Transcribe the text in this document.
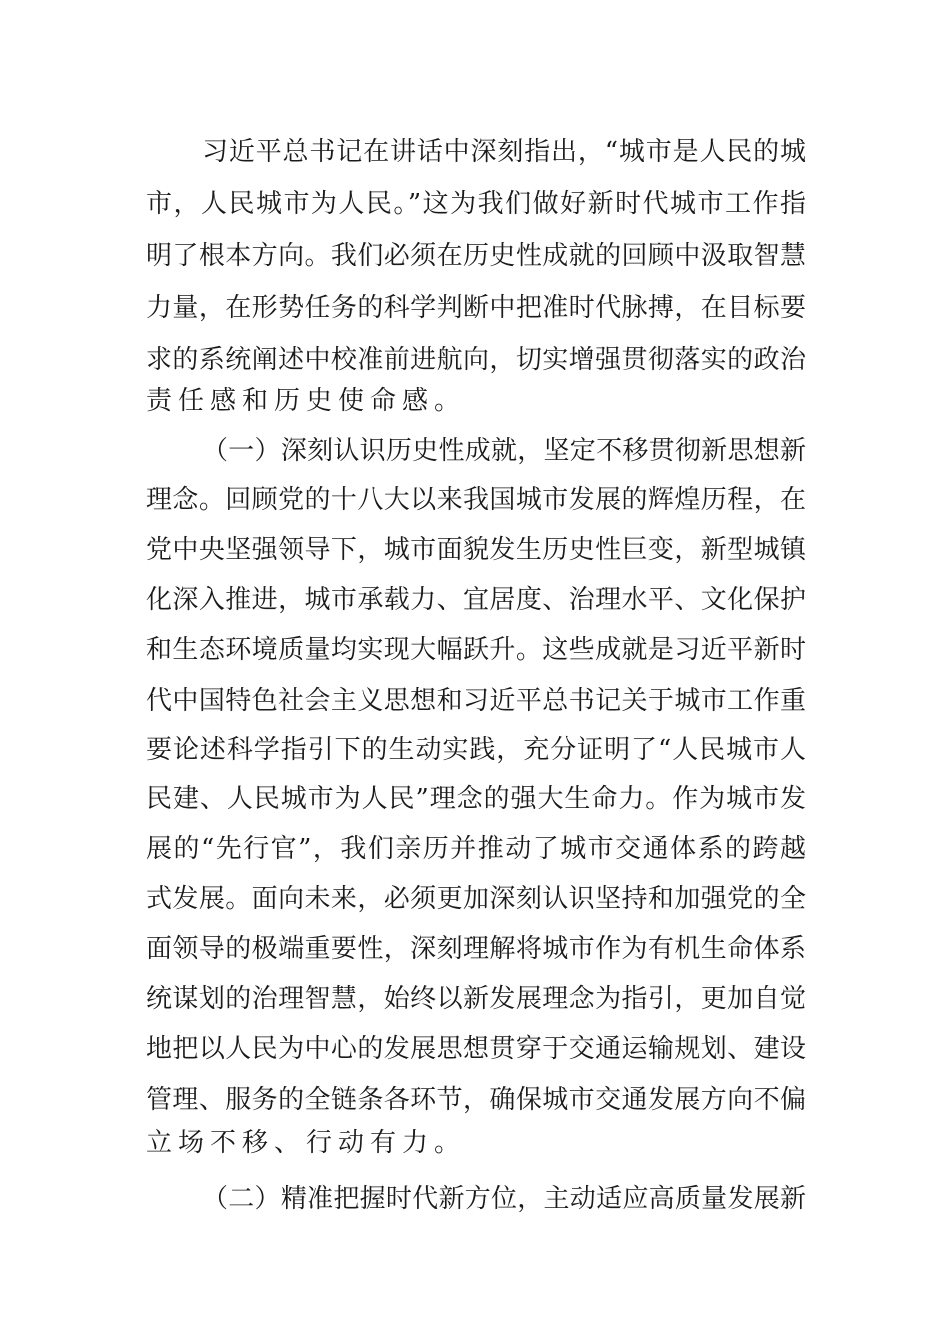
习近平总书记在讲话中深刻指出，“城市是人民的城
市，人民城市为人民。”这为我们做好新时代城市工作指
明了根本方向。我们必须在历史性成就的回顾中汲取智慧
力量，在形势任务的科学判断中把准时代脉搏，在目标要
求的系统阐述中校准前进航向，切实增强贯彻落实的政治
责任感和历史使命感。
（一）深刻认识历史性成就，坚定不移贯彻新思想新
理念。回顾党的十八大以来我国城市发展的辉煌历程，在
党中央坚强领导下，城市面貌发生历史性巨变，新型城镇
化深入推进，城市承载力、宜居度、治理水平、文化保护
和生态环境质量均实现大幅跃升。这些成就是习近平新时
代中国特色社会主义思想和习近平总书记关于城市工作重
要论述科学指引下的生动实践，充分证明了“人民城市人
民建、人民城市为人民”理念的强大生命力。作为城市发
展的“先行官”，我们亲历并推动了城市交通体系的跨越
式发展。面向未来，必须更加深刻认识坚持和加强党的全
面领导的极端重要性，深刻理解将城市作为有机生命体系
统谋划的治理智慧，始终以新发展理念为指引，更加自觉
地把以人民为中心的发展思想贯穿于交通运输规划、建设
管理、服务的全链条各环节，确保城市交通发展方向不偏
立场不移、行动有力。
（二）精准把握时代新方位，主动适应高质量发展新
